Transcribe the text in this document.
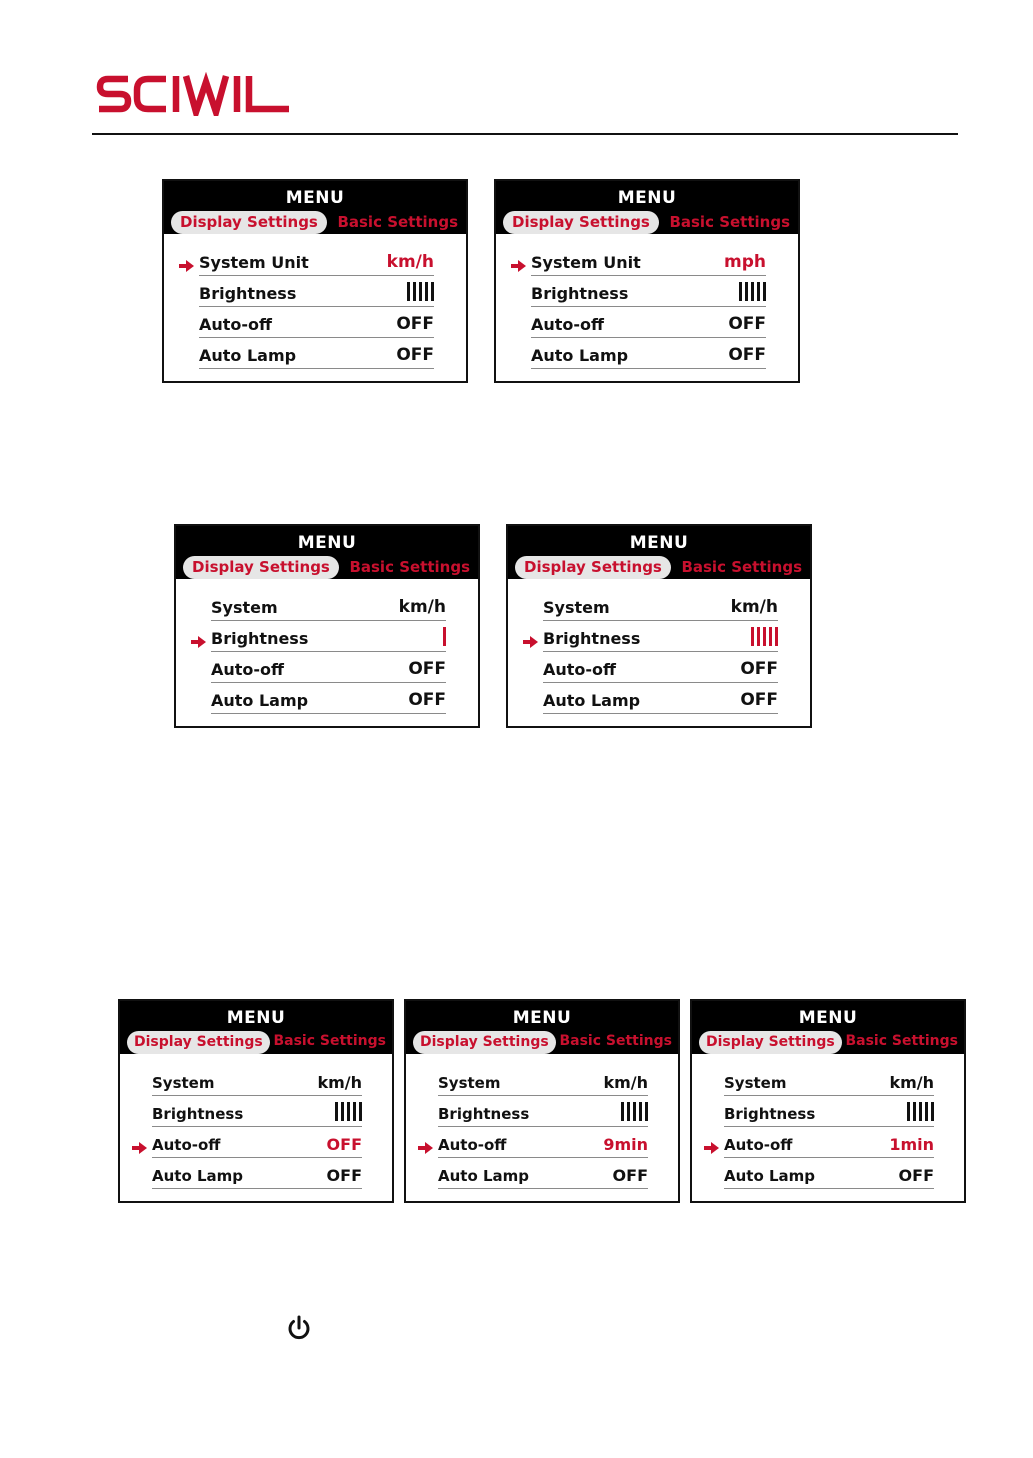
MENU
Display Settings	Basic Settings
System Unit	km/h
Brightness
Auto-off	OFF
Auto Lamp	OFF
MENU
Display Settings	Basic Settings
System Unit	mph
Brightness
Auto-off	OFF
Auto Lamp	OFF
MENU
Display Settings	Basic Settings
System	km/h
Brightness
Auto-off	OFF
Auto Lamp	OFF
MENU
Display Settings	Basic Settings
System	km/h
Brightness
Auto-off	OFF
Auto Lamp	OFF
MENU
Display Settings Basic Settings
System	km/h
Brightness
Auto-off	OFF
Auto Lamp	OFF
MENU
Display Settings Basic Settings
System	km/h
Brightness
Auto-off	9min
Auto Lamp	OFF
MENU
Display Settings Basic Settings
System	km/h
Brightness
Auto-off	1min
Auto Lamp	OFF
